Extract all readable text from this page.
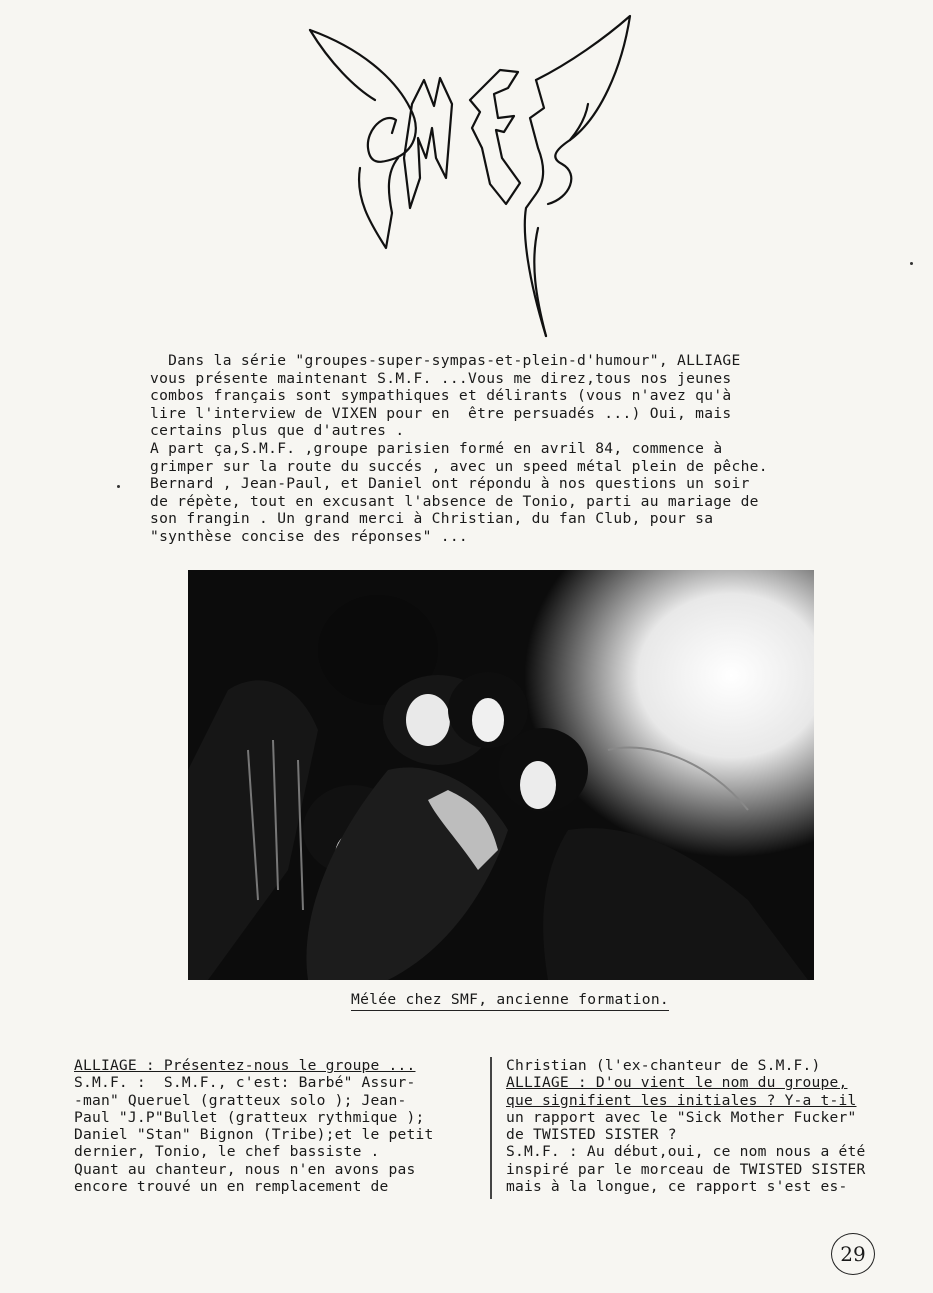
Dans la série "groupes-super-sympas-et-plein-d'humour", ALLIAGE

vous présente maintenant S.M.F. ...Vous me direz,tous nos jeunes

combos français sont sympathiques et délirants (vous n'avez qu'à

lire l'interview de VIXEN pour en  être persuadés ...) Oui, mais

certains plus que d'autres .

A part ça,S.M.F. ,groupe parisien formé en avril 84, commence à

grimper sur la route du succés , avec un speed métal plein de pêche.

Bernard , Jean-Paul, et Daniel ont répondu à nos questions un soir

de répète, tout en excusant l'absence de Tonio, parti au mariage de

son frangin . Un grand merci à Christian, du fan Club, pour sa

"synthèse concise des réponses" ...

Mélée chez SMF, ancienne formation.

ALLIAGE : Présentez-nous le groupe ...

S.M.F. :  S.M.F., c'est: Barbé" Assur-

-man" Queruel (gratteux solo ); Jean-

Paul "J.P"Bullet (gratteux rythmique );

Daniel "Stan" Bignon (Tribe);et le petit

dernier, Tonio, le chef bassiste .

Quant au chanteur, nous n'en avons pas

encore trouvé un en remplacement de

Christian (l'ex-chanteur de S.M.F.)

ALLIAGE : D'ou vient le nom du groupe,

que signifient les initiales ? Y-a t-il

un rapport avec le "Sick Mother Fucker"

de TWISTED SISTER ?

S.M.F. : Au début,oui, ce nom nous a été

inspiré par le morceau de TWISTED SISTER

mais à la longue, ce rapport s'est es-

29
